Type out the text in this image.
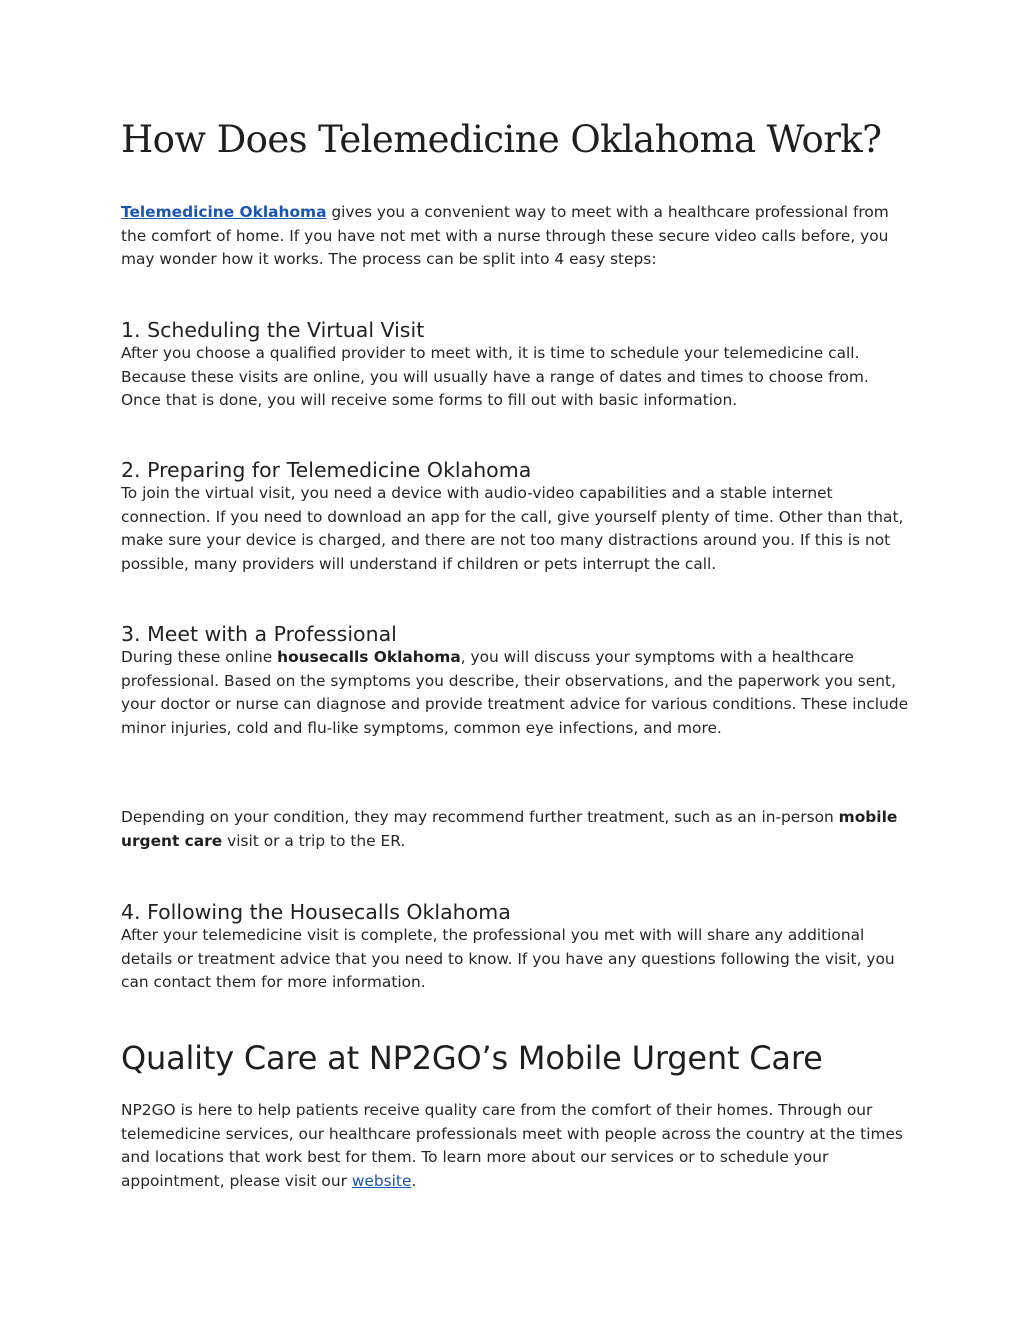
How Does Telemedicine Oklahoma Work?

Telemedicine Oklahoma gives you a convenient way to meet with a healthcare professional from the comfort of home. If you have not met with a nurse through these secure video calls before, you may wonder how it works. The process can be split into 4 easy steps:

1. Scheduling the Virtual Visit

After you choose a qualified provider to meet with, it is time to schedule your telemedicine call. Because these visits are online, you will usually have a range of dates and times to choose from. Once that is done, you will receive some forms to fill out with basic information.

2. Preparing for Telemedicine Oklahoma

To join the virtual visit, you need a device with audio-video capabilities and a stable internet connection. If you need to download an app for the call, give yourself plenty of time. Other than that, make sure your device is charged, and there are not too many distractions around you. If this is not possible, many providers will understand if children or pets interrupt the call.

3. Meet with a Professional

During these online housecalls Oklahoma, you will discuss your symptoms with a healthcare professional. Based on the symptoms you describe, their observations, and the paperwork you sent, your doctor or nurse can diagnose and provide treatment advice for various conditions. These include minor injuries, cold and flu-like symptoms, common eye infections, and more.

Depending on your condition, they may recommend further treatment, such as an in-person mobile urgent care visit or a trip to the ER.

4. Following the Housecalls Oklahoma

After your telemedicine visit is complete, the professional you met with will share any additional details or treatment advice that you need to know. If you have any questions following the visit, you can contact them for more information.

Quality Care at NP2GO’s Mobile Urgent Care

NP2GO is here to help patients receive quality care from the comfort of their homes. Through our telemedicine services, our healthcare professionals meet with people across the country at the times and locations that work best for them. To learn more about our services or to schedule your appointment, please visit our website.
